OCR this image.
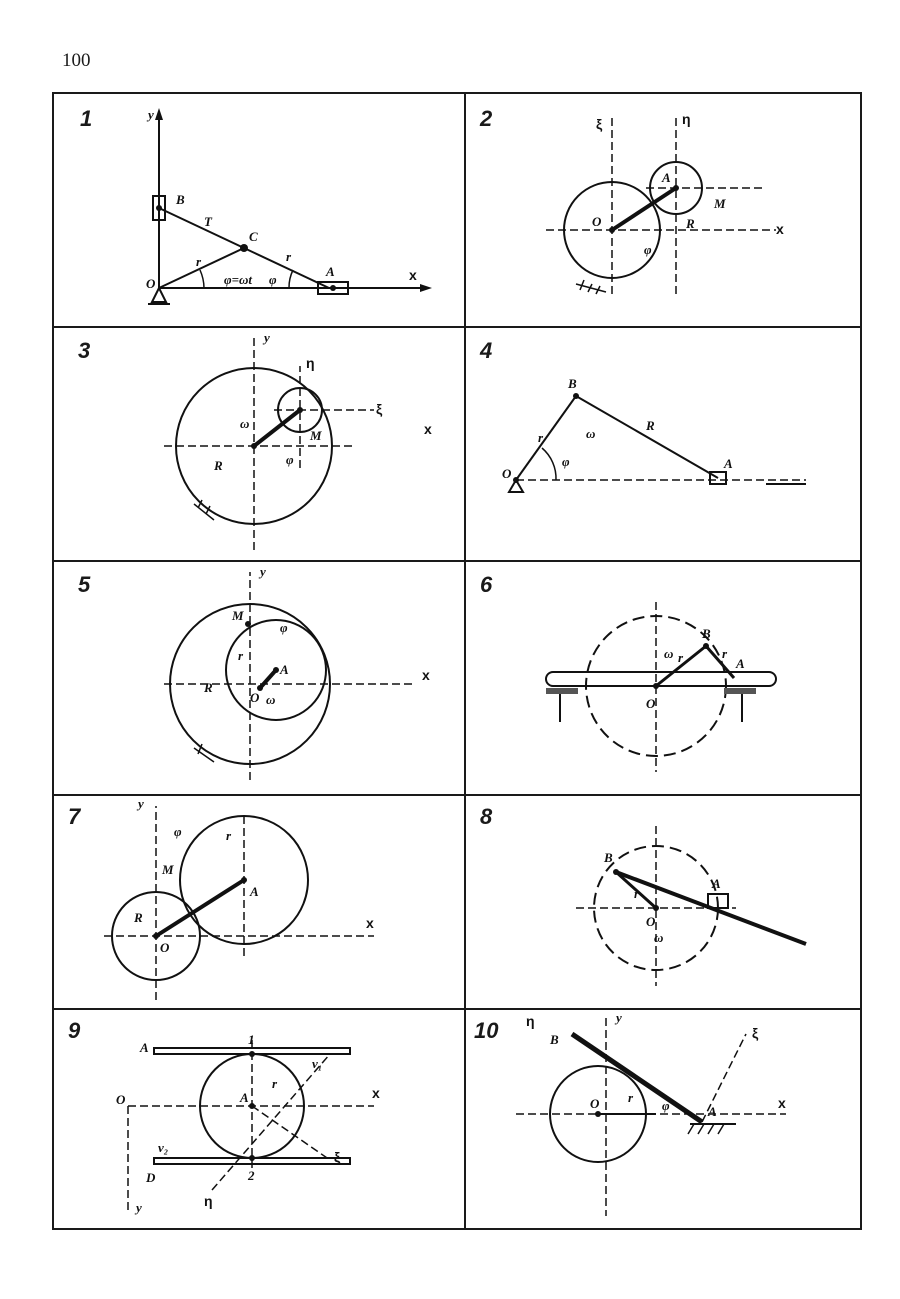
100
1	y
x
O
B
A
C
T
r	r
φ=ωt φ
2	ξ	η
x
O
A
M
φ
R
3
y
η
ξ
x
ω
R
M
φ
4
B
O
A
r
R
ω
φ
5
y
x
M
φ
r
A
O ω
R
6
ω r
B
r
A
O
7
y
φ	r
M
A
R
O
x
8
B
A
r
O
ω
9
A
v₁
1
r
x
O	A
ξ
v₂
D	2
y	η
10 η	y
B	ξ
O r
φ	A
x
